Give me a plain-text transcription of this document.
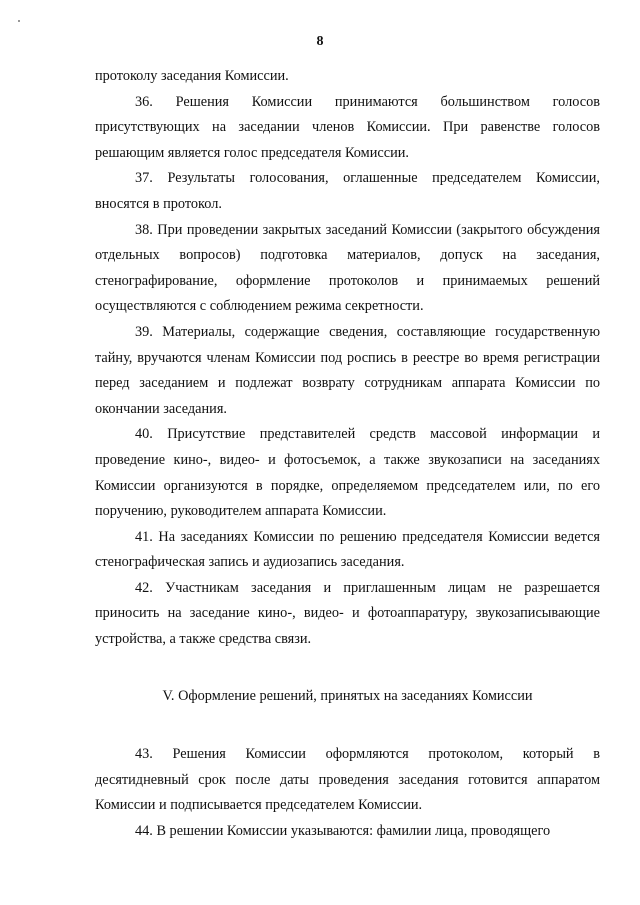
8

протоколу заседания Комиссии.

36. Решения Комиссии принимаются большинством голосов присутствующих на заседании членов Комиссии. При равенстве голосов решающим является голос председателя Комиссии.

37. Результаты голосования, оглашенные председателем Комиссии, вносятся в протокол.

38. При проведении закрытых заседаний Комиссии (закрытого обсуждения отдельных вопросов) подготовка материалов, допуск на заседания, стенографирование, оформление протоколов и принимаемых решений осуществляются с соблюдением режима секретности.

39. Материалы, содержащие сведения, составляющие государственную тайну, вручаются членам Комиссии под роспись в реестре во время регистрации перед заседанием и подлежат возврату сотрудникам аппарата Комиссии по окончании заседания.

40. Присутствие представителей средств массовой информации и проведение кино-, видео- и фотосъемок, а также звукозаписи на заседаниях Комиссии организуются в порядке, определяемом председателем или, по его поручению, руководителем аппарата Комиссии.

41. На заседаниях Комиссии по решению председателя Комиссии ведется стенографическая запись и аудиозапись заседания.

42. Участникам заседания и приглашенным лицам не разрешается приносить на заседание кино-, видео- и фотоаппаратуру, звукозаписывающие устройства, а также средства связи.

V. Оформление решений, принятых на заседаниях Комиссии

43. Решения Комиссии оформляются протоколом, который в десятидневный срок после даты проведения заседания готовится аппаратом Комиссии и подписывается председателем Комиссии.

44. В решении Комиссии указываются: фамилии лица, проводящего
